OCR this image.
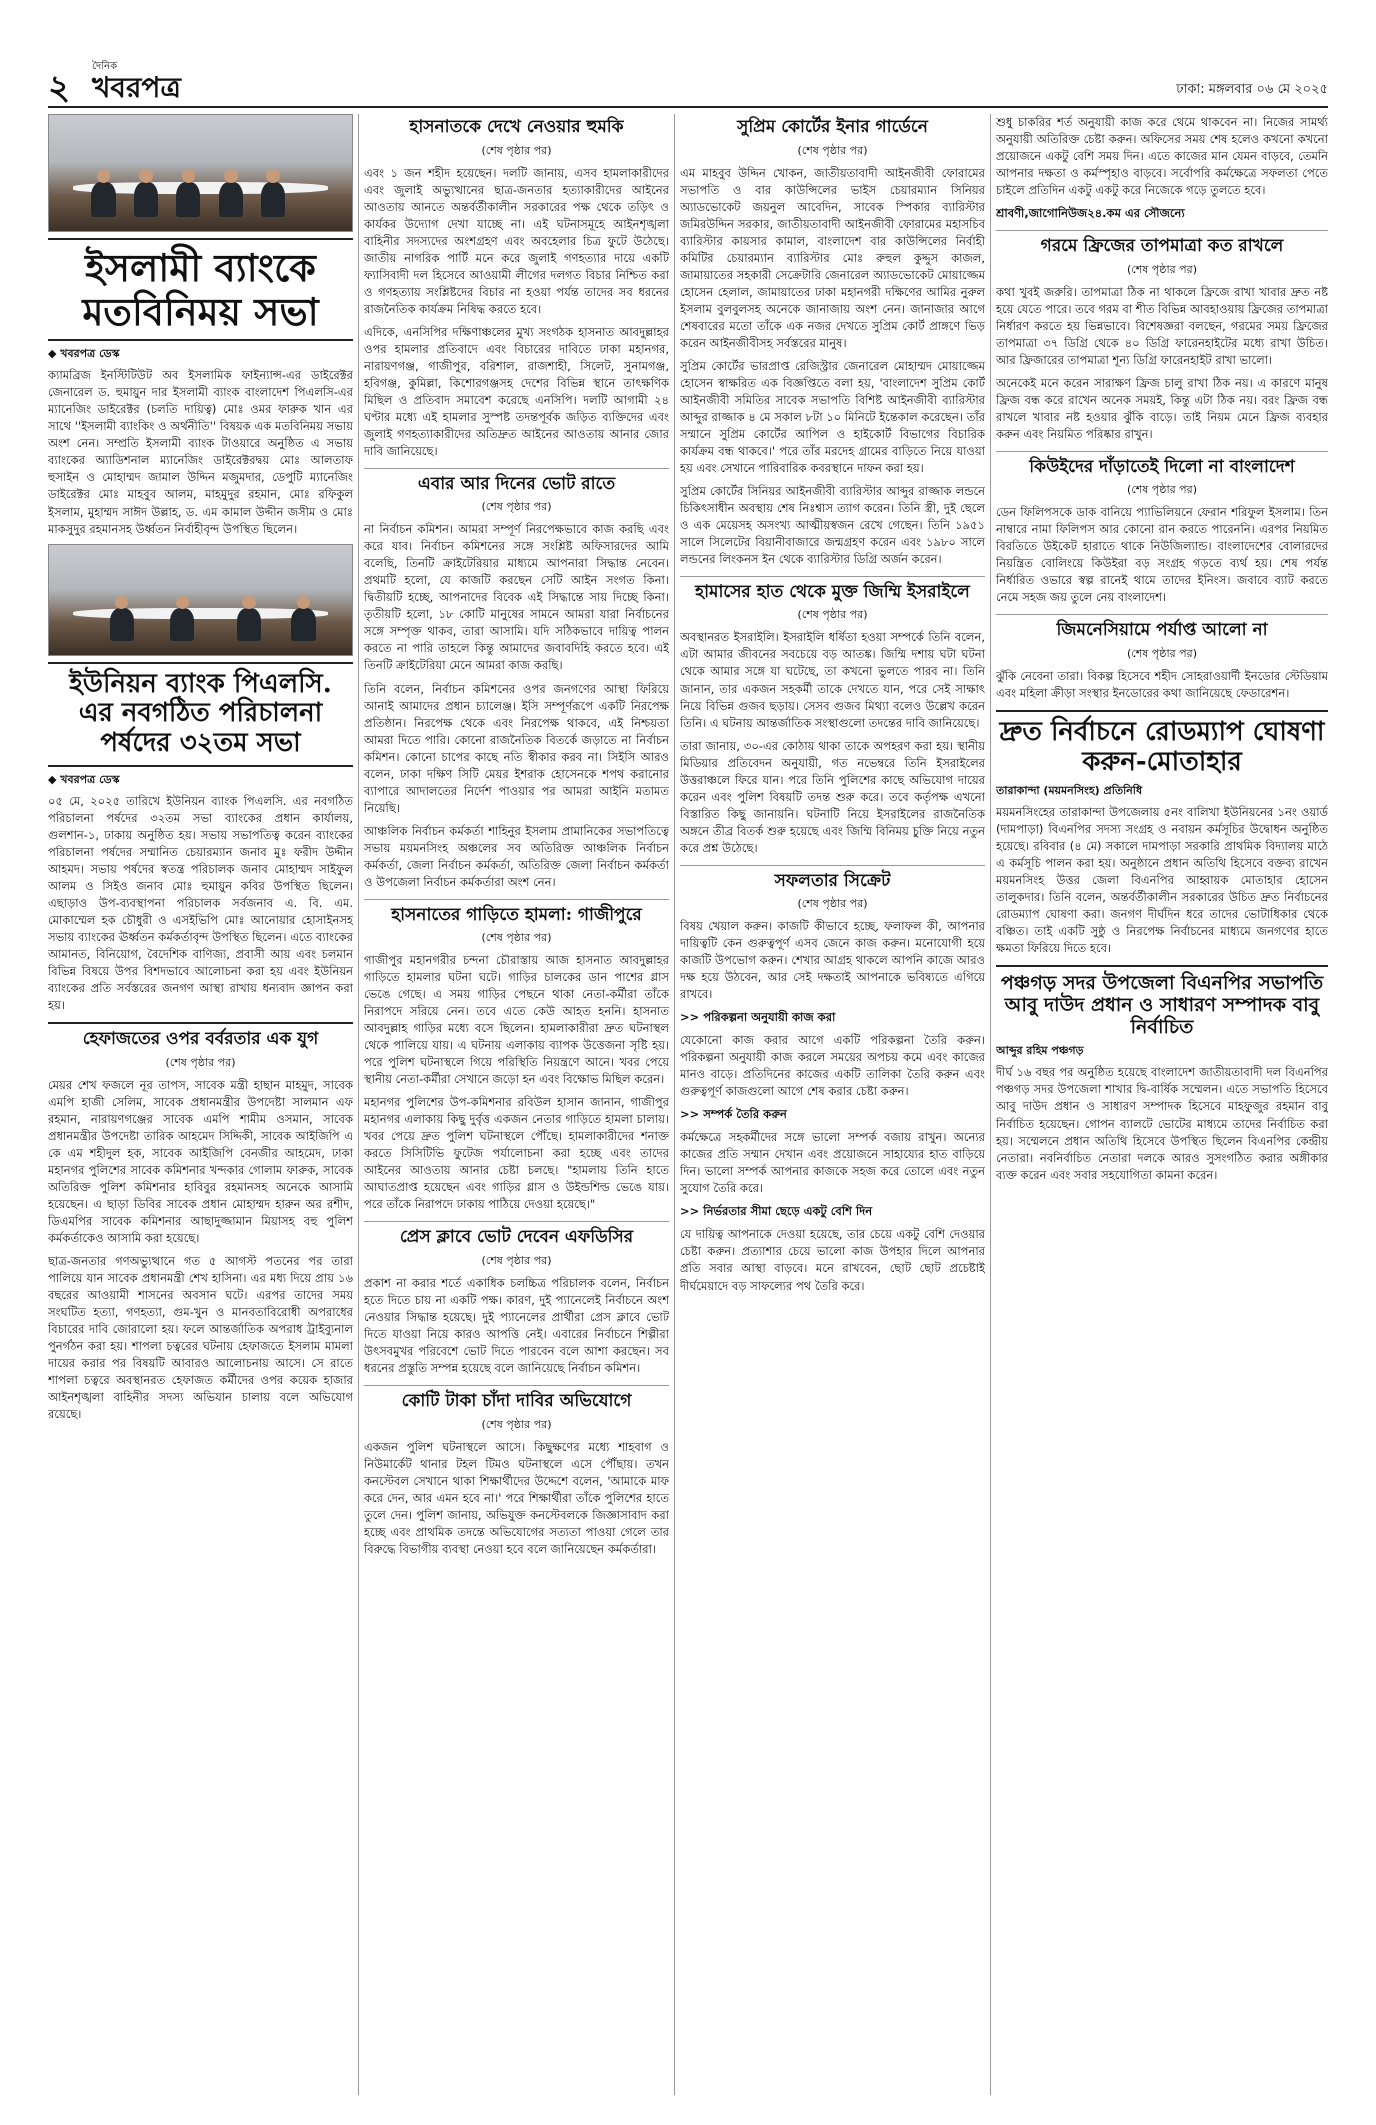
২
দৈনিক
খবরপত্র	ঢাকা: মঙ্গলবার ০৬ মে ২০২৫
ইসলামী ব্যাংকে মতবিনিময় সভা
◆ খবরপত্র ডেস্ক

ক্যামব্রিজ ইনস্টিটিউট অব ইসলামিক ফাইন্যান্স-এর ডাইরেক্টর জেনারেল ড. হুমায়ুন দার ইসলামী ব্যাংক বাংলাদেশ পিএলসি-এর ম্যানেজিং ডাইরেক্টর (চলতি দায়িত্ব) মোঃ ওমর ফারুক খান এর সাথে ''ইসলামী ব্যাংকিং ও অর্থনীতি'' বিষয়ক এক মতবিনিময় সভায় অংশ নেন। সম্প্রতি ইসলামী ব্যাংক টাওয়ারে অনুষ্ঠিত এ সভায় ব্যাংকের অ্যাডিশনাল ম্যানেজিং ডাইরেক্টরদ্বয় মোঃ আলতাফ হুসাইন ও মোহাম্মদ জামাল উদ্দিন মজুমদার, ডেপুটি ম্যানেজিং ডাইরেক্টর মোঃ মাহবুব আলম, মাহমুদুর রহমান, মোঃ রফিকুল ইসলাম, মুহাম্মদ সাঈদ উল্লাহ, ড. এম কামাল উদ্দীন জসীম ও মোঃ মাকসুদুর রহমানসহ উর্ধ্বতন নির্বাহীবৃন্দ উপস্থিত ছিলেন।

ইউনিয়ন ব্যাংক পিএলসি. এর নবগঠিত পরিচালনা পর্ষদের ৩২তম সভা
◆ খবরপত্র ডেস্ক

০৫ মে, ২০২৫ তারিখে ইউনিয়ন ব্যাংক পিএলসি. এর নবগঠিত পরিচালনা পর্ষদের ৩২তম সভা ব্যাংকের প্রধান কার্যালয়, গুলশান-১, ঢাকায় অনুষ্ঠিত হয়। সভায় সভাপতিত্ব করেন ব্যাংকের পরিচালনা পর্ষদের সম্মানিত চেয়ারম্যান জনাব মুঃ ফরীদ উদ্দীন আহমদ। সভায় পর্ষদের স্বতন্ত্র পরিচালক জনাব মোহাম্মদ সাইফুল আলম ও সিইও জনাব মোঃ হুমায়ুন কবির উপস্থিত ছিলেন। এছাড়াও উপ-ব্যবস্থাপনা পরিচালক সর্বজনাব এ. বি. এম. মোকাম্মেল হক চৌধুরী ও এসইভিপি মোঃ আনোয়ার হোসাইনসহ সভায় ব্যাংকের ঊর্ধ্বতন কর্মকর্তাবৃন্দ উপস্থিত ছিলেন। এতে ব্যাংকের আমানত, বিনিয়োগ, বৈদেশিক বাণিজ্য, প্রবাসী আয় এবং চলমান বিভিন্ন বিষয়ে উপর বিশদভাবে আলোচনা করা হয় এবং ইউনিয়ন ব্যাংকের প্রতি সর্বস্তরের জনগণ আস্থা রাখায় ধন্যবাদ জ্ঞাপন করা হয়।

হেফাজতের ওপর বর্বরতার এক যুগ
(শেষ পৃষ্ঠার পর)

মেয়র শেখ ফজলে নূর তাপস, সাবেক মন্ত্রী হাছান মাহমুদ, সাবেক এমপি হাজী সেলিম, সাবেক প্রধানমন্ত্রীর উপদেষ্টা সালমান এফ রহমান, নারায়ণগঞ্জের সাবেক এমপি শামীম ওসমান, সাবেক প্রধানমন্ত্রীর উপদেষ্টা তারিক আহমেদ সিদ্দিকী, সাবেক আইজিপি এ কে এম শহীদুল হক, সাবেক আইজিপি বেনজীর আহমেদ, ঢাকা মহানগর পুলিশের সাবেক কমিশনার খন্দকার গোলাম ফারুক, সাবেক অতিরিক্ত পুলিশ কমিশনার হাবিবুর রহমানসহ অনেকে আসামি হয়েছেন। এ ছাড়া ডিবির সাবেক প্রধান মোহাম্মদ হারুন অর রশীদ, ডিএমপির সাবেক কমিশনার আছাদুজ্জামান মিয়াসহ বহু পুলিশ কর্মকর্তাকেও আসামি করা হয়েছে।

ছাত্র-জনতার গণঅভ্যুত্থানে গত ৫ আগস্ট পতনের পর তারা পালিয়ে যান সাবেক প্রধানমন্ত্রী শেখ হাসিনা। এর মধ্য দিয়ে প্রায় ১৬ বছরের আওয়ামী শাসনের অবসান ঘটে। এরপর তাদের সময় সংঘটিত হত্যা, গণহত্যা, গুম-খুন ও মানবতাবিরোধী অপরাধের বিচারের দাবি জোরালো হয়। ফলে আন্তর্জাতিক অপরাধ ট্রাইব্যুনাল পুনর্গঠন করা হয়। শাপলা চত্বরের ঘটনায় হেফাজতে ইসলাম মামলা দায়ের করার পর বিষয়টি আবারও আলোচনায় আসে। সে রাতে শাপলা চত্বরে অবস্থানরত হেফাজত কর্মীদের ওপর কয়েক হাজার আইনশৃঙ্খলা বাহিনীর সদস্য অভিযান চালায় বলে অভিযোগ রয়েছে।

হাসনাতকে দেখে নেওয়ার হুমকি
(শেষ পৃষ্ঠার পর)

এবং ১ জন শহীদ হয়েছেন। দলটি জানায়, এসব হামলাকারীদের এবং জুলাই অভ্যুত্থানের ছাত্র-জনতার হত্যাকারীদের আইনের আওতায় আনতে অন্তর্বর্তীকালীন সরকারের পক্ষ থেকে তড়িৎ ও কার্যকর উদ্যোগ দেখা যাচ্ছে না। এই ঘটনাসমূহে আইনশৃঙ্খলা বাহিনীর সদস্যদের অংশগ্রহণ এবং অবহেলার চিত্র ফুটে উঠেছে। জাতীয় নাগরিক পার্টি মনে করে জুলাই গণহত্যার দায়ে একটি ফ্যাসিবাদী দল হিসেবে আওয়ামী লীগের দলগত বিচার নিশ্চিত করা ও গণহত্যায় সংশ্লিষ্টদের বিচার না হওয়া পর্যন্ত তাদের সব ধরনের রাজনৈতিক কার্যক্রম নিষিদ্ধ করতে হবে।

এদিকে, এনসিপির দক্ষিণাঞ্চলের মুখ্য সংগঠক হাসনাত আবদুল্লাহর ওপর হামলার প্রতিবাদে এবং বিচারের দাবিতে ঢাকা মহানগর, নারায়ণগঞ্জ, গাজীপুর, বরিশাল, রাজশাহী, সিলেট, সুনামগঞ্জ, হবিগঞ্জ, কুমিল্লা, কিশোরগঞ্জসহ দেশের বিভিন্ন স্থানে তাৎক্ষণিক মিছিল ও প্রতিবাদ সমাবেশ করেছে এনসিপি। দলটি আগামী ২৪ ঘণ্টার মধ্যে এই হামলার সুস্পষ্ট তদন্তপূর্বক জড়িত ব্যক্তিদের এবং জুলাই গণহত্যাকারীদের অতিদ্রুত আইনের আওতায় আনার জোর দাবি জানিয়েছে।

এবার আর দিনের ভোট রাতে
(শেষ পৃষ্ঠার পর)

না নির্বাচন কমিশন। আমরা সম্পূর্ণ নিরপেক্ষভাবে কাজ করছি এবং করে যাব। নির্বাচন কমিশনের সঙ্গে সংশ্লিষ্ট অফিসারদের আমি বলেছি, তিনটি ক্রাইটেরিয়ার মাধ্যমে আপনারা সিদ্ধান্ত নেবেন। প্রথমটি হলো, যে কাজটি করছেন সেটি আইন সংগত কিনা। দ্বিতীয়টি হচ্ছে, আপনাদের বিবেক এই সিদ্ধান্তে সায় দিচ্ছে কিনা। তৃতীয়টি হলো, ১৮ কোটি মানুষের সামনে আমরা যারা নির্বাচনের সঙ্গে সম্পৃক্ত থাকব, তারা আসামি। যদি সঠিকভাবে দায়িত্ব পালন করতে না পারি তাহলে কিন্তু আমাদের জবাবদিহি করতে হবে। এই তিনটি ক্রাইটেরিয়া মেনে আমরা কাজ করছি।

তিনি বলেন, নির্বাচন কমিশনের ওপর জনগণের আস্থা ফিরিয়ে আনাই আমাদের প্রধান চ্যালেঞ্জ। ইসি সম্পূর্ণরূপে একটি নিরপেক্ষ প্রতিষ্ঠান। নিরপেক্ষ থেকে এবং নিরপেক্ষ থাকবে, এই নিশ্চয়তা আমরা দিতে পারি। কোনো রাজনৈতিক বিতর্কে জড়াতে না নির্বাচন কমিশন। কোনো চাপের কাছে নতি স্বীকার করব না। সিইসি আরও বলেন, ঢাকা দক্ষিণ সিটি মেয়র ইশরাক হোসেনকে শপথ করানোর ব্যাপারে আদালতের নির্দেশ পাওয়ার পর আমরা আইনি মতামত নিয়েছি।

আঞ্চলিক নির্বাচন কর্মকর্তা শাহিনুর ইসলাম প্রামানিকের সভাপতিত্বে সভায় ময়মনসিংহ অঞ্চলের সব অতিরিক্ত আঞ্চলিক নির্বাচন কর্মকর্তা, জেলা নির্বাচন কর্মকর্তা, অতিরিক্ত জেলা নির্বাচন কর্মকর্তা ও উপজেলা নির্বাচন কর্মকর্তারা অংশ নেন।

হাসনাতের গাড়িতে হামলা: গাজীপুরে
(শেষ পৃষ্ঠার পর)

গাজীপুর মহানগরীর চন্দনা চৌরাস্তায় আজ হাসনাত আবদুল্লাহর গাড়িতে হামলার ঘটনা ঘটে। গাড়ির চালকের ডান পাশের গ্লাস ভেঙে গেছে। এ সময় গাড়ির পেছনে থাকা নেতা-কর্মীরা তাঁকে নিরাপদে সরিয়ে নেন। তবে এতে কেউ আহত হননি। হাসনাত আবদুল্লাহ গাড়ির মধ্যে বসে ছিলেন। হামলাকারীরা দ্রুত ঘটনাস্থল থেকে পালিয়ে যায়। এ ঘটনায় এলাকায় ব্যাপক উত্তেজনা সৃষ্টি হয়। পরে পুলিশ ঘটনাস্থলে গিয়ে পরিস্থিতি নিয়ন্ত্রণে আনে। খবর পেয়ে স্থানীয় নেতা-কর্মীরা সেখানে জড়ো হন এবং বিক্ষোভ মিছিল করেন।

মহানগর পুলিশের উপ-কমিশনার রবিউল হাসান জানান, গাজীপুর মহানগর এলাকায় কিছু দুর্বৃত্ত একজন নেতার গাড়িতে হামলা চালায়। খবর পেয়ে দ্রুত পুলিশ ঘটনাস্থলে পৌঁছে। হামলাকারীদের শনাক্ত করতে সিসিটিভি ফুটেজ পর্যালোচনা করা হচ্ছে এবং তাদের আইনের আওতায় আনার চেষ্টা চলছে। "হামলায় তিনি হাতে আঘাতপ্রাপ্ত হয়েছেন এবং গাড়ির গ্লাস ও উইন্ডশিল্ড ভেঙে যায়। পরে তাঁকে নিরাপদে ঢাকায় পাঠিয়ে দেওয়া হয়েছে।"

প্রেস ক্লাবে ভোট দেবেন এফডিসির
(শেষ পৃষ্ঠার পর)

প্রকাশ না করার শর্তে একাধিক চলচ্চিত্র পরিচালক বলেন, নির্বাচন হতে দিতে চায় না একটি পক্ষ। কারণ, দুই প্যানেলেই নির্বাচনে অংশ নেওয়ার সিদ্ধান্ত হয়েছে। দুই প্যানেলের প্রার্থীরা প্রেস ক্লাবে ভোট দিতে যাওয়া নিয়ে কারও আপত্তি নেই। এবারের নির্বাচনে শিল্পীরা উৎসবমুখর পরিবেশে ভোট দিতে পারবেন বলে আশা করছেন। সব ধরনের প্রস্তুতি সম্পন্ন হয়েছে বলে জানিয়েছে নির্বাচন কমিশন।

কোটি টাকা চাঁদা দাবির অভিযোগে
(শেষ পৃষ্ঠার পর)

একজন পুলিশ ঘটনাস্থলে আসে। কিছুক্ষণের মধ্যে শাহবাগ ও নিউমার্কেট থানার টহল টিমও ঘটনাস্থলে এসে পৌঁছায়। তখন কনস্টেবল সেখানে থাকা শিক্ষার্থীদের উদ্দেশে বলেন, 'আমাকে মাফ করে দেন, আর এমন হবে না।' পরে শিক্ষার্থীরা তাঁকে পুলিশের হাতে তুলে দেন। পুলিশ জানায়, অভিযুক্ত কনস্টেবলকে জিজ্ঞাসাবাদ করা হচ্ছে এবং প্রাথমিক তদন্তে অভিযোগের সত্যতা পাওয়া গেলে তার বিরুদ্ধে বিভাগীয় ব্যবস্থা নেওয়া হবে বলে জানিয়েছেন কর্মকর্তারা।

সুপ্রিম কোর্টের ইনার গার্ডেনে
(শেষ পৃষ্ঠার পর)

এম মাহবুব উদ্দিন খোকন, জাতীয়তাবাদী আইনজীবী ফোরামের সভাপতি ও বার কাউন্সিলের ভাইস চেয়ারম্যান সিনিয়র অ্যাডভোকেট জয়নুল আবেদিন, সাবেক স্পিকার ব্যারিস্টার জমিরউদ্দিন সরকার, জাতীয়তাবাদী আইনজীবী ফোরামের মহাসচিব ব্যারিস্টার কায়সার কামাল, বাংলাদেশ বার কাউন্সিলের নির্বাহী কমিটির চেয়ারম্যান ব্যারিস্টার মোঃ রুহুল কুদ্দুস কাজল, জামায়াতের সহকারী সেক্রেটারি জেনারেল অ্যাডভোকেট মোয়াজ্জেম হোসেন হেলাল, জামায়াতের ঢাকা মহানগরী দক্ষিণের আমির নুরুল ইসলাম বুলবুলসহ অনেকে জানাজায় অংশ নেন। জানাজার আগে শেষবারের মতো তাঁকে এক নজর দেখতে সুপ্রিম কোর্ট প্রাঙ্গণে ভিড় করেন আইনজীবীসহ সর্বস্তরের মানুষ।

সুপ্রিম কোর্টের ভারপ্রাপ্ত রেজিস্ট্রার জেনারেল মোহাম্মদ মোয়াজ্জেম হোসেন স্বাক্ষরিত এক বিজ্ঞপ্তিতে বলা হয়, 'বাংলাদেশ সুপ্রিম কোর্ট আইনজীবী সমিতির সাবেক সভাপতি বিশিষ্ট আইনজীবী ব্যারিস্টার আব্দুর রাজ্জাক ৪ মে সকাল ৮টা ১০ মিনিটে ইন্তেকাল করেছেন। তাঁর সম্মানে সুপ্রিম কোর্টের আপিল ও হাইকোর্ট বিভাগের বিচারিক কার্যক্রম বন্ধ থাকবে।' পরে তাঁর মরদেহ গ্রামের বাড়িতে নিয়ে যাওয়া হয় এবং সেখানে পারিবারিক কবরস্থানে দাফন করা হয়।

সুপ্রিম কোর্টের সিনিয়র আইনজীবী ব্যারিস্টার আব্দুর রাজ্জাক লন্ডনে চিকিৎসাধীন অবস্থায় শেষ নিঃশ্বাস ত্যাগ করেন। তিনি স্ত্রী, দুই ছেলে ও এক মেয়েসহ অসংখ্য আত্মীয়স্বজন রেখে গেছেন। তিনি ১৯৫১ সালে সিলেটের বিয়ানীবাজারে জন্মগ্রহণ করেন এবং ১৯৮০ সালে লন্ডনের লিংকনস ইন থেকে ব্যারিস্টার ডিগ্রি অর্জন করেন।

হামাসের হাত থেকে মুক্ত জিম্মি ইসরাইলে
(শেষ পৃষ্ঠার পর)

অবস্থানরত ইসরাইলি। ইসরাইলি ধর্ষিতা হওয়া সম্পর্কে তিনি বলেন, এটা আমার জীবনের সবচেয়ে বড় আতঙ্ক। জিম্মি দশায় ঘটা ঘটনা থেকে আমার সঙ্গে যা ঘটেছে, তা কখনো ভুলতে পারব না। তিনি জানান, তার একজন সহকর্মী তাকে দেখতে যান, পরে সেই সাক্ষাৎ নিয়ে বিভিন্ন গুজব ছড়ায়। সেসব গুজব মিথ্যা বলেও উল্লেখ করেন তিনি। এ ঘটনায় আন্তর্জাতিক সংস্থাগুলো তদন্তের দাবি জানিয়েছে।

তারা জানায়, ৩০-এর কোঠায় থাকা তাকে অপহরণ করা হয়। স্থানীয় মিডিয়ার প্রতিবেদন অনুযায়ী, গত নভেম্বরে তিনি ইসরাইলের উত্তরাঞ্চলে ফিরে যান। পরে তিনি পুলিশের কাছে অভিযোগ দায়ের করেন এবং পুলিশ বিষয়টি তদন্ত শুরু করে। তবে কর্তৃপক্ষ এখনো বিস্তারিত কিছু জানায়নি। ঘটনাটি নিয়ে ইসরাইলের রাজনৈতিক অঙ্গনে তীব্র বিতর্ক শুরু হয়েছে এবং জিম্মি বিনিময় চুক্তি নিয়ে নতুন করে প্রশ্ন উঠেছে।

সফলতার সিক্রেট
(শেষ পৃষ্ঠার পর)

বিষয় খেয়াল করুন। কাজটি কীভাবে হচ্ছে, ফলাফল কী, আপনার দায়িত্বটি কেন গুরুত্বপূর্ণ এসব জেনে কাজ করুন। মনোযোগী হয়ে কাজটি উপভোগ করুন। শেখার আগ্রহ থাকলে আপনি কাজে আরও দক্ষ হয়ে উঠবেন, আর সেই দক্ষতাই আপনাকে ভবিষ্যতে এগিয়ে রাখবে।

>> পরিকল্পনা অনুযায়ী কাজ করা

যেকোনো কাজ করার আগে একটি পরিকল্পনা তৈরি করুন। পরিকল্পনা অনুযায়ী কাজ করলে সময়ের অপচয় কমে এবং কাজের মানও বাড়ে। প্রতিদিনের কাজের একটি তালিকা তৈরি করুন এবং গুরুত্বপূর্ণ কাজগুলো আগে শেষ করার চেষ্টা করুন।

>> সম্পর্ক তৈরি করুন

কর্মক্ষেত্রে সহকর্মীদের সঙ্গে ভালো সম্পর্ক বজায় রাখুন। অন্যের কাজের প্রতি সম্মান দেখান এবং প্রয়োজনে সাহায্যের হাত বাড়িয়ে দিন। ভালো সম্পর্ক আপনার কাজকে সহজ করে তোলে এবং নতুন সুযোগ তৈরি করে।

>> নির্ভরতার সীমা ছেড়ে একটু বেশি দিন

যে দায়িত্ব আপনাকে দেওয়া হয়েছে, তার চেয়ে একটু বেশি দেওয়ার চেষ্টা করুন। প্রত্যাশার চেয়ে ভালো কাজ উপহার দিলে আপনার প্রতি সবার আস্থা বাড়বে। মনে রাখবেন, ছোট ছোট প্রচেষ্টাই দীর্ঘমেয়াদে বড় সাফল্যের পথ তৈরি করে।

শুধু চাকরির শর্ত অনুযায়ী কাজ করে থেমে থাকবেন না। নিজের সামর্থ্য অনুযায়ী অতিরিক্ত চেষ্টা করুন। অফিসের সময় শেষ হলেও কখনো কখনো প্রয়োজনে একটু বেশি সময় দিন। এতে কাজের মান যেমন বাড়বে, তেমনি আপনার দক্ষতা ও কর্মস্পৃহাও বাড়বে। সর্বোপরি কর্মক্ষেত্রে সফলতা পেতে চাইলে প্রতিদিন একটু একটু করে নিজেকে গড়ে তুলতে হবে।

শ্রাবণী,জাগোনিউজ২৪.কম এর সৌজন্যে

গরমে ফ্রিজের তাপমাত্রা কত রাখলে
(শেষ পৃষ্ঠার পর)

কথা খুবই জরুরি। তাপমাত্রা ঠিক না থাকলে ফ্রিজে রাখা খাবার দ্রুত নষ্ট হয়ে যেতে পারে। তবে গরম বা শীত বিভিন্ন আবহাওয়ায় ফ্রিজের তাপমাত্রা নির্ধারণ করতে হয় ভিন্নভাবে। বিশেষজ্ঞরা বলছেন, গরমের সময় ফ্রিজের তাপমাত্রা ৩৭ ডিগ্রি থেকে ৪০ ডিগ্রি ফারেনহাইটের মধ্যে রাখা উচিত। আর ফ্রিজারের তাপমাত্রা শূন্য ডিগ্রি ফারেনহাইট রাখা ভালো।

অনেকেই মনে করেন সারাক্ষণ ফ্রিজ চালু রাখা ঠিক নয়। এ কারণে মানুষ ফ্রিজ বন্ধ করে রাখেন অনেক সময়ই, কিন্তু এটা ঠিক নয়। বরং ফ্রিজ বন্ধ রাখলে খাবার নষ্ট হওয়ার ঝুঁকি বাড়ে। তাই নিয়ম মেনে ফ্রিজ ব্যবহার করুন এবং নিয়মিত পরিষ্কার রাখুন।

কিউইদের দাঁড়াতেই দিলো না বাংলাদেশ
(শেষ পৃষ্ঠার পর)

ডেন ফিলিপসকে ডাক বানিয়ে প্যাভিলিয়নে ফেরান শরিফুল ইসলাম। তিন নাম্বারে নামা ফিলিপস আর কোনো রান করতে পারেননি। এরপর নিয়মিত বিরতিতে উইকেট হারাতে থাকে নিউজিল্যান্ড। বাংলাদেশের বোলারদের নিয়ন্ত্রিত বোলিংয়ে কিউইরা বড় সংগ্রহ গড়তে ব্যর্থ হয়। শেষ পর্যন্ত নির্ধারিত ওভারে স্বল্প রানেই থামে তাদের ইনিংস। জবাবে ব্যাট করতে নেমে সহজ জয় তুলে নেয় বাংলাদেশ।

জিমনেসিয়ামে পর্যাপ্ত আলো না
(শেষ পৃষ্ঠার পর)

ঝুঁকি নেবেনা তারা। বিকল্প হিসেবে শহীদ সোহরাওয়ার্দী ইনডোর স্টেডিয়াম এবং মহিলা ক্রীড়া সংস্থার ইনডোরের কথা জানিয়েছে ফেডারেশন।

দ্রুত নির্বাচনে রোডম্যাপ ঘোষণা করুন-মোতাহার
তারাকান্দা (ময়মনসিংহ) প্রতিনিধি

ময়মনসিংহের তারাকান্দা উপজেলায় ৫নং বালিখা ইউনিয়নের ১নং ওয়ার্ড (দামপাড়া) বিএনপির সদস্য সংগ্রহ ও নবায়ন কর্মসূচির উদ্বোধন অনুষ্ঠিত হয়েছে। রবিবার (৪ মে) সকালে দামপাড়া সরকারি প্রাথমিক বিদ্যালয় মাঠে এ কর্মসূচি পালন করা হয়। অনুষ্ঠানে প্রধান অতিথি হিসেবে বক্তব্য রাখেন ময়মনসিংহ উত্তর জেলা বিএনপির আহ্বায়ক মোতাহার হোসেন তালুকদার। তিনি বলেন, অন্তর্বর্তীকালীন সরকারের উচিত দ্রুত নির্বাচনের রোডম্যাপ ঘোষণা করা। জনগণ দীর্ঘদিন ধরে তাদের ভোটাধিকার থেকে বঞ্চিত। তাই একটি সুষ্ঠু ও নিরপেক্ষ নির্বাচনের মাধ্যমে জনগণের হাতে ক্ষমতা ফিরিয়ে দিতে হবে।

পঞ্চগড় সদর উপজেলা বিএনপির সভাপতি আবু দাউদ প্রধান ও সাধারণ সম্পাদক বাবু নির্বাচিত
আব্দুর রহিম পঞ্চগড়

দীর্ঘ ১৬ বছর পর অনুষ্ঠিত হয়েছে বাংলাদেশ জাতীয়তাবাদী দল বিএনপির পঞ্চগড় সদর উপজেলা শাখার দ্বি-বার্ষিক সম্মেলন। এতে সভাপতি হিসেবে আবু দাউদ প্রধান ও সাধারণ সম্পাদক হিসেবে মাহফুজুর রহমান বাবু নির্বাচিত হয়েছেন। গোপন ব্যালটে ভোটের মাধ্যমে তাদের নির্বাচিত করা হয়। সম্মেলনে প্রধান অতিথি হিসেবে উপস্থিত ছিলেন বিএনপির কেন্দ্রীয় নেতারা। নবনির্বাচিত নেতারা দলকে আরও সুসংগঠিত করার অঙ্গীকার ব্যক্ত করেন এবং সবার সহযোগিতা কামনা করেন।
